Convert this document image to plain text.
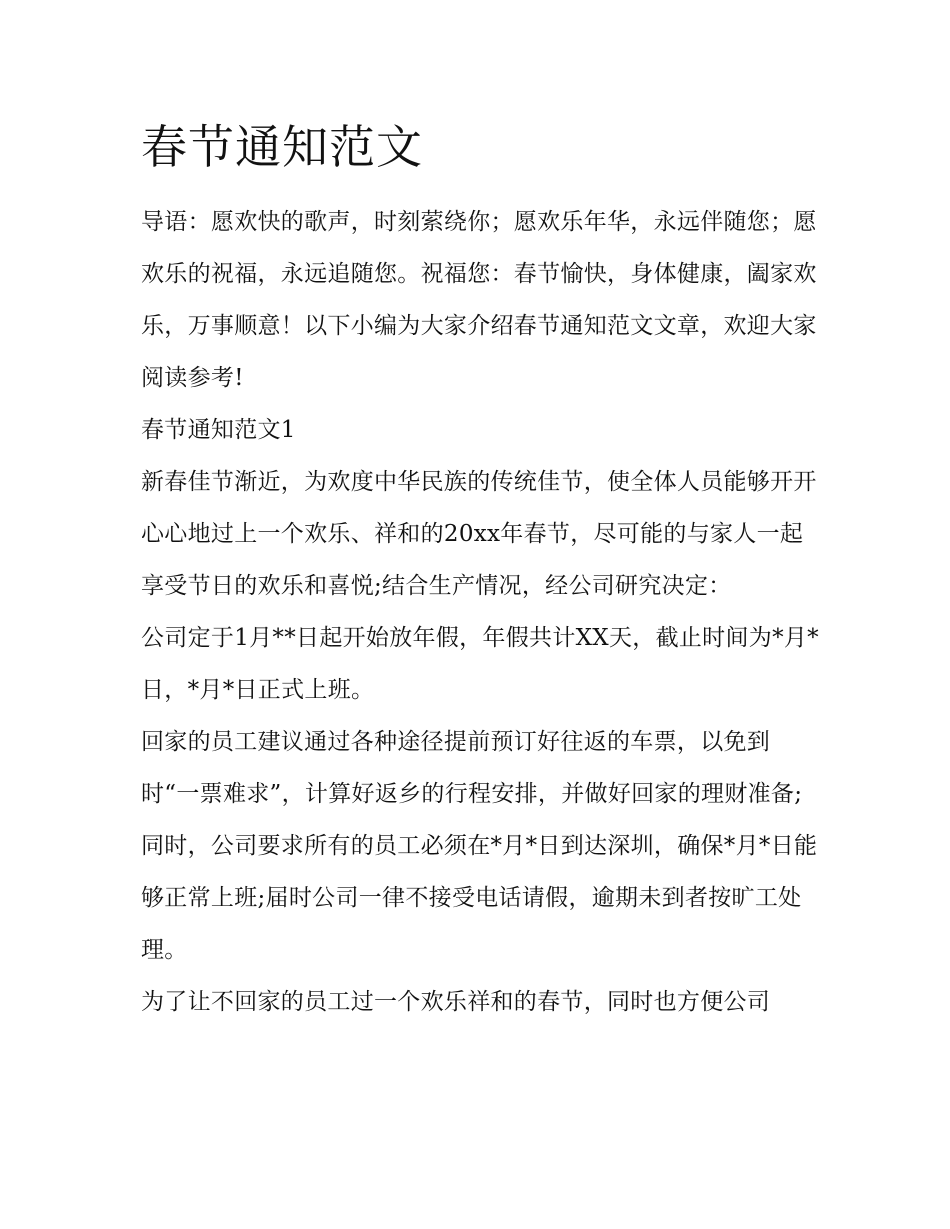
春节通知范文

导语：愿欢快的歌声，时刻萦绕你；愿欢乐年华，永远伴随您；愿欢乐的祝福，永远追随您。祝福您：春节愉快，身体健康，阖家欢乐，万事顺意！以下小编为大家介绍春节通知范文文章，欢迎大家阅读参考!

春节通知范文1

新春佳节渐近，为欢度中华民族的传统佳节，使全体人员能够开开心心地过上一个欢乐、祥和的20xx年春节，尽可能的与家人一起享受节日的欢乐和喜悦;结合生产情况，经公司研究决定：

公司定于1月**日起开始放年假，年假共计XX天，截止时间为*月*日，*月*日正式上班。

回家的员工建议通过各种途径提前预订好往返的车票，以免到时“一票难求”，计算好返乡的行程安排，并做好回家的理财准备;

同时，公司要求所有的员工必须在*月*日到达深圳，确保*月*日能够正常上班;届时公司一律不接受电话请假，逾期未到者按旷工处理。

为了让不回家的员工过一个欢乐祥和的春节，同时也方便公司
